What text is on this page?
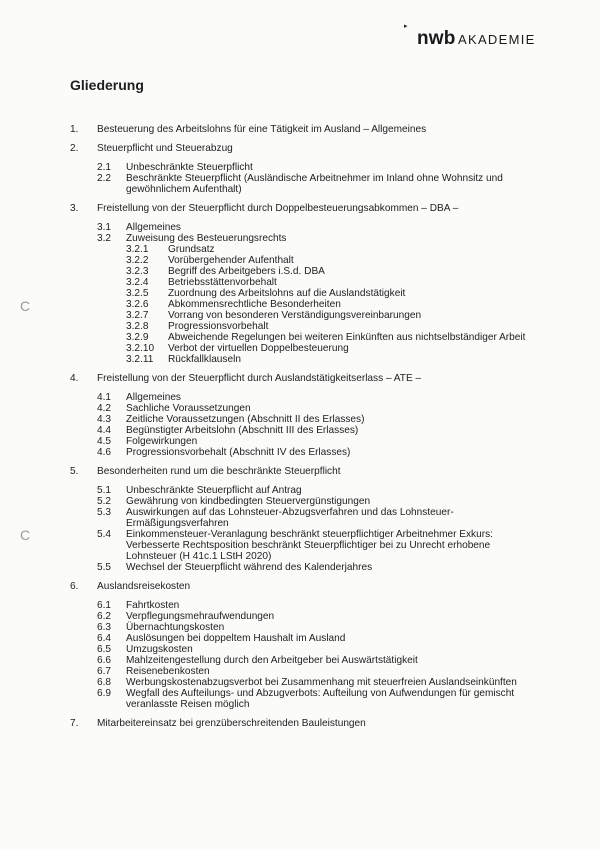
▸
nwb AKADEMIE
Gliederung
C
C
1. Besteuerung des Arbeitslohns für eine Tätigkeit im Ausland – Allgemeines
2. Steuerpflicht und Steuerabzug
2.1 Unbeschränkte Steuerpflicht
2.2 Beschränkte Steuerpflicht (Ausländische Arbeitnehmer im Inland ohne Wohnsitz und gewöhnlichem Aufenthalt)
3. Freistellung von der Steuerpflicht durch Doppelbesteuerungsabkommen – DBA –
3.1 Allgemeines
3.2 Zuweisung des Besteuerungsrechts
3.2.1 Grundsatz
3.2.2 Vorübergehender Aufenthalt
3.2.3 Begriff des Arbeitgebers i.S.d. DBA
3.2.4 Betriebsstättenvorbehalt
3.2.5 Zuordnung des Arbeitslohns auf die Auslandstätigkeit
3.2.6 Abkommensrechtliche Besonderheiten
3.2.7 Vorrang von besonderen Verständigungsvereinbarungen
3.2.8 Progressionsvorbehalt
3.2.9 Abweichende Regelungen bei weiteren Einkünften aus nichtselbständiger Arbeit
3.2.10 Verbot der virtuellen Doppelbesteuerung
3.2.11 Rückfallklauseln
4. Freistellung von der Steuerpflicht durch Auslandstätigkeitserlass – ATE –
4.1 Allgemeines
4.2 Sachliche Voraussetzungen
4.3 Zeitliche Voraussetzungen (Abschnitt II des Erlasses)
4.4 Begünstigter Arbeitslohn (Abschnitt III des Erlasses)
4.5 Folgewirkungen
4.6 Progressionsvorbehalt (Abschnitt IV des Erlasses)
5. Besonderheiten rund um die beschränkte Steuerpflicht
5.1 Unbeschränkte Steuerpflicht auf Antrag
5.2 Gewährung von kindbedingten Steuervergünstigungen
5.3 Auswirkungen auf das Lohnsteuer-Abzugsverfahren und das Lohnsteuer-Ermäßigungsverfahren
5.4 Einkommensteuer-Veranlagung beschränkt steuerpflichtiger Arbeitnehmer Exkurs: Verbesserte Rechtsposition beschränkt Steuerpflichtiger bei zu Unrecht erhobene Lohnsteuer (H 41c.1 LStH 2020)
5.5 Wechsel der Steuerpflicht während des Kalenderjahres
6. Auslandsreisekosten
6.1 Fahrtkosten
6.2 Verpflegungsmehraufwendungen
6.3 Übernachtungskosten
6.4 Auslösungen bei doppeltem Haushalt im Ausland
6.5 Umzugskosten
6.6 Mahlzeitengestellung durch den Arbeitgeber bei Auswärtstätigkeit
6.7 Reisenebenkosten
6.8 Werbungskostenabzugsverbot bei Zusammenhang mit steuerfreien Auslandseinkünften
6.9 Wegfall des Aufteilungs- und Abzugverbots: Aufteilung von Aufwendungen für gemischt veranlasste Reisen möglich
7. Mitarbeitereinsatz bei grenzüberschreitenden Bauleistungen
